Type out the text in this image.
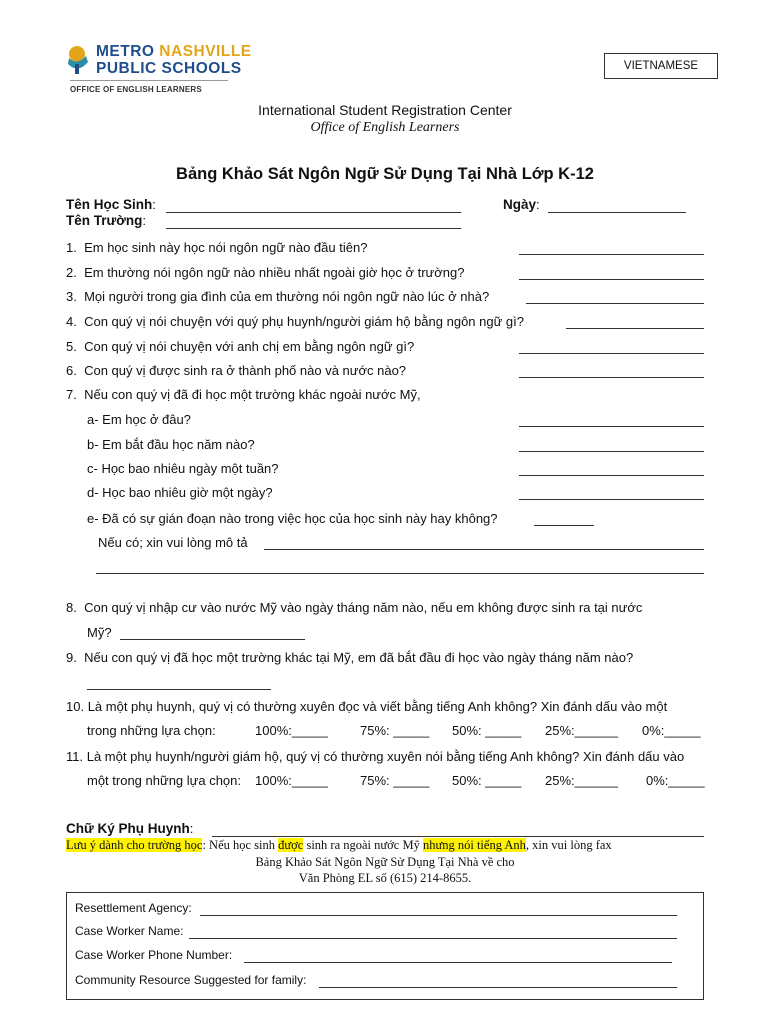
METRO NASHVILLE
PUBLIC SCHOOLS
OFFICE OF ENGLISH LEARNERS
VIETNAMESE
International Student Registration Center
Office of English Learners
Bảng Khảo Sát Ngôn Ngữ Sử Dụng Tại Nhà Lớp K-12
Tên Học Sinh:	Ngày:
Tên Trường:
1. Em học sinh này học nói ngôn ngữ nào đầu tiên?
2. Em thường nói ngôn ngữ nào nhiều nhất ngoài giờ học ở trường?
3. Mọi người trong gia đình của em thường nói ngôn ngữ nào lúc ở nhà?
4. Con quý vị nói chuyện với quý phụ huynh/người giám hộ bằng ngôn ngữ gì?
5. Con quý vị nói chuyện với anh chị em bằng ngôn ngữ gì?
6. Con quý vị được sinh ra ở thành phố nào và nước nào?
7. Nếu con quý vị đã đi học một trường khác ngoài nước Mỹ,
a- Em học ở đâu?
b- Em bắt đầu học năm nào?
c- Học bao nhiêu ngày một tuần?
d- Học bao nhiêu giờ một ngày?
e- Đã có sự gián đoạn nào trong việc học của học sinh này hay không?
Nếu có; xin vui lòng mô tả
8. Con quý vị nhập cư vào nước Mỹ vào ngày tháng năm nào, nếu em không được sinh ra tại nước
Mỹ?
9. Nếu con quý vị đã học một trường khác tại Mỹ, em đã bắt đầu đi học vào ngày tháng năm nào?
10. Là một phụ huynh, quý vị có thường xuyên đọc và viết bằng tiếng Anh không? Xin đánh dấu vào một
trong những lựa chọn:	100%:_____ 75%: _____ 50%: _____ 25%:______ 0%:_____
11. Là một phụ huynh/người giám hộ, quý vị có thường xuyên nói bằng tiếng Anh không? Xin đánh dấu vào
một trong những lựa chọn: 100%:_____ 75%: _____ 50%: _____ 25%:______ 0%:_____
Chữ Ký Phụ Huynh:
Lưu ý dành cho trường học: Nếu học sinh được sinh ra ngoài nước Mỹ nhưng nói tiếng Anh, xin vui lòng fax
Bảng Khảo Sát Ngôn Ngữ Sử Dụng Tại Nhà về cho
Văn Phòng EL số (615) 214-8655.
Resettlement Agency:
Case Worker Name:
Case Worker Phone Number:
Community Resource Suggested for family:
